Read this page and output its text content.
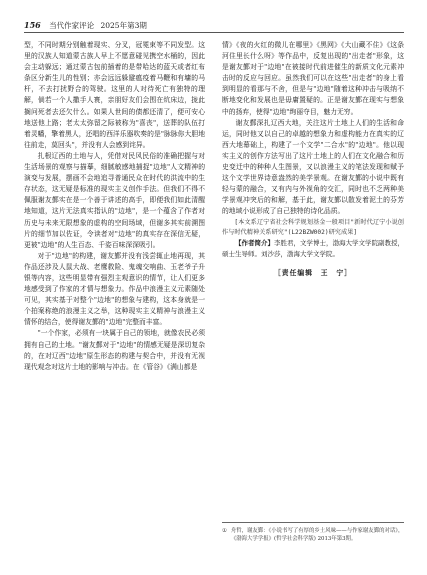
156 当代作家评论 2025年第3期

型，不同时期分别触着现实、分叉，冠冕束等不同发型。这里的汉族人知道蒙古族人早上不愿意碰见携空水桶的，因此会主动躲远；通过蒙古包前插着的是带哈达的蓝天或者红布条区分新生儿的性别；亦会远远躲避瘟疫着马鞭和有墉的马杆，不去打扰野合的驾驶。这里的人对待死亡有独特的理解，倘若一个人撒手人寰，亲朋好友们会围在炕床边，拢此搁问死者去还欠什么。如果人世间的债都还清了，便可安心地送他上路；老太太弥留之际被称为"喜丧"，送葬的队伍打着灵幡，擎着黑人，还唱的西洋乐器吹奏的是"脉脉你大胆地往前走，莫回头"，并没有人会感到诧异。

扎根辽西的土地与人，凭借对民风民俗的准确把握与对生活场景的观察与描摹，细腻敏感地捕捉"边地"人文精神的演变与发展，摆画不会地追寻普通民众在时代的洪流中的生存状态，这无疑是标准的现实主义创作手法。但我们不得不佩服谢友鄞实在是一个善于讲述的高手，即便我们如此清醒地知道，这片无法真实指认的"边地"，是一个蕴含了作者对历史与未来无限想象的虚构的空间场域，但谢多其实前溯图片的细节加以佐证，令读者对"边地"的真实存在深信无疑，更被"边地"的人生百态、千姿百味深深吸引。

对于"边地"的构建，谢友鄞并没有浅尝辄止地再现，其作品还涉及人鼠大战、老鹰救险、鬼魂交响曲、玉老爷子升银等内容，这些明显带有强烈主观意识的情节，让人们更多地感受到了作家的才情与想象力。作品中浪漫主义元素随处可见，其实基于对整个"边地"的想象与建构，这本身就是一个拍案称绝的浪漫主义之举，这种现实主义精神与浪漫主义情怀的结合，使得谢友鄞的"边地"完整而丰富。

"一个作家，必须有一块属于自己的领地，就像农民必须拥有自己的土地。"谢友鄞对于"边地"的情感无疑是深切复杂的，在对辽西"边地"原生形态的构建与契合中，并没有无视现代观念对这片土地的影响与冲击。在《管谷》《满山都是

情》《夜的火红的微儿在哪里》《黑网》《大山藏不住》《这条河住里长什么呀》等作品中，反复出现的"出走者"形象，这是谢友鄞对于"边地"在被接时代前进催生的新质文化元素冲击时的反应与回应。虽然我们可以在这些"出走者"的身上看到明显的看那与不舍，但是与"边地"随着这种冲击与吸纳不断地变化和发展也是毋庸置疑的。正是谢友鄞在现实与想象中的扬弃，使得"边地"绚丽夺目，魅力无穷。

谢友鄞深扎辽西大地，关注这片土地上人们的生活和命运，同时他又以自己的卓越的想象力和虚构能力在真实的辽西大地幕础上，构建了一个文学"二合水"的"边地"。他以现实主义的创作方法写出了这片土地上的人们在文化融合和历史变迁中的种种人生图景，又以浪漫主义的笔法发现和赋予这个文学世界诗意盎然的美学景观。在谢友鄞的小说中既有轻与蒙的融合，又有内与外视角的交汇，同时也不乏两种美学景观冲突后的和解，基于此，谢友鄞以散发着泥土的芬芳的地域小说形成了自己独特的诗化品质。

[本文系辽宁省社会科学规划基金一般项目"新时代辽宁小说创作与时代精神关系研究"(L22BZW002)研究成果]

【作者简介】李胜君，文学博士，渤海大学文学院副教授，硕士生导师。刘沙莎，渤海大学文学院。

［责任编辑　王　宁］
① 舟哲，谢友鄞：《小说书写了有厚的乡土风味——与作家谢友鄞的对话》，《渤海大学学报》(哲学社会科学版) 2013年第3期。
